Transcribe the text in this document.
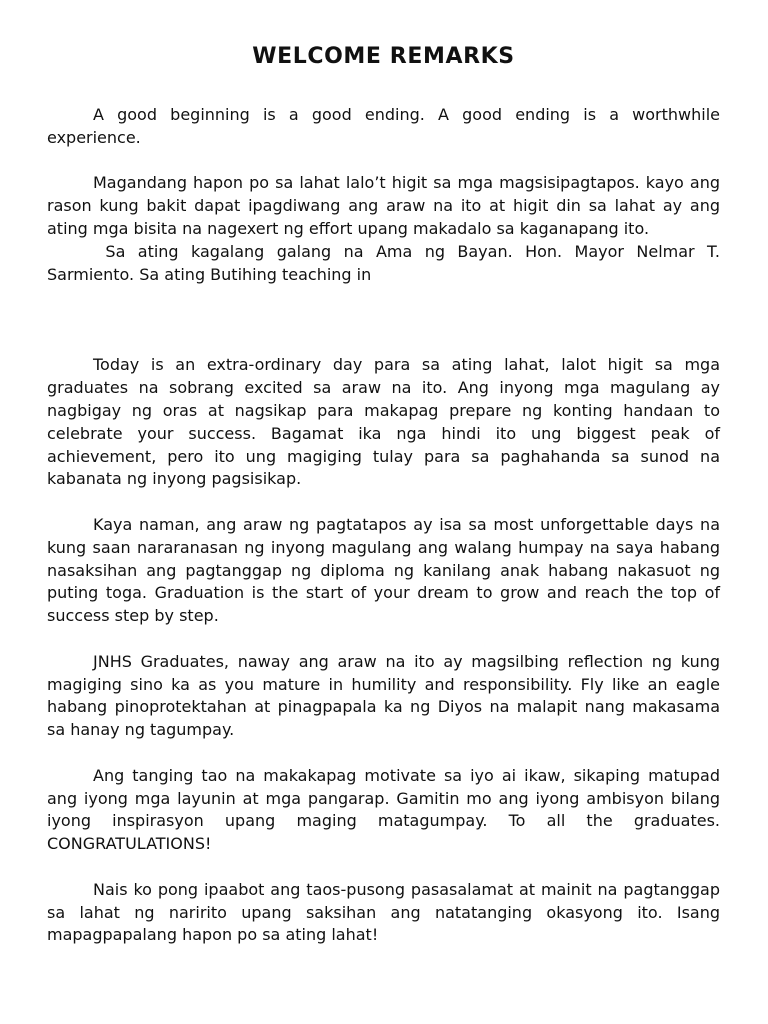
WELCOME REMARKS

A good beginning is a good ending. A good ending is a worthwhile experience.

Magandang hapon po sa lahat lalo’t higit sa mga magsisipagtapos. kayo ang rason kung bakit dapat ipagdiwang ang araw na ito at higit din sa lahat ay ang ating mga bisita na nagexert ng effort upang makadalo sa kaganapang ito.

Sa ating kagalang galang na Ama ng Bayan. Hon. Mayor Nelmar T. Sarmiento. Sa ating Butihing teaching in

Today is an extra-ordinary day para sa ating lahat, lalot higit sa mga graduates na sobrang excited sa araw na ito. Ang inyong mga magulang ay nagbigay ng oras at nagsikap para makapag prepare ng konting handaan to celebrate your success. Bagamat ika nga hindi ito ung biggest peak of achievement, pero ito ung magiging tulay para sa paghahanda sa sunod na kabanata ng inyong pagsisikap.

Kaya naman, ang araw ng pagtatapos ay isa sa most unforgettable days na kung saan nararanasan ng inyong magulang ang walang humpay na saya habang nasaksihan ang pagtanggap ng diploma ng kanilang anak habang nakasuot ng puting toga. Graduation is the start of your dream to grow and reach the top of success step by step.

JNHS Graduates, naway ang araw na ito ay magsilbing reflection ng kung magiging sino ka as you mature in humility and responsibility. Fly like an eagle habang pinoprotektahan at pinagpapala ka ng Diyos na malapit nang makasama sa hanay ng tagumpay.

Ang tanging tao na makakapag motivate sa iyo ai ikaw, sikaping matupad ang iyong mga layunin at mga pangarap. Gamitin mo ang iyong ambisyon bilang iyong inspirasyon upang maging matagumpay. To all the graduates. CONGRATULATIONS!

Nais ko pong ipaabot ang taos-pusong pasasalamat at mainit na pagtanggap sa lahat ng naririto upang saksihan ang natatanging okasyong ito. Isang mapagpapalang hapon po sa ating lahat!
